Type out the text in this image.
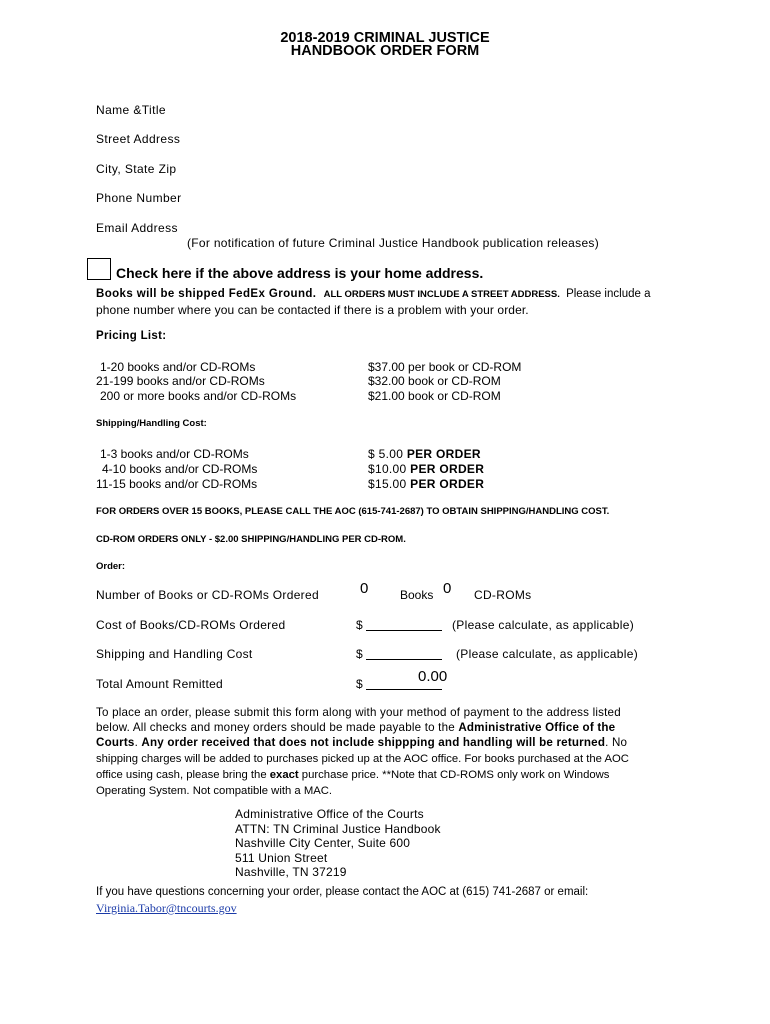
2018-2019 CRIMINAL JUSTICE
HANDBOOK ORDER FORM
Name &Title
Street Address
City, State Zip
Phone Number
Email Address
(For notification of future Criminal Justice Handbook publication releases)
Check here if the above address is your home address.
Books will be shipped FedEx Ground. ALL ORDERS MUST INCLUDE A STREET ADDRESS. Please include a
phone number where you can be contacted if there is a problem with your order.
Pricing List:
1-20 books and/or CD-ROMs	$37.00 per book or CD-ROM
21-199 books and/or CD-ROMs	$32.00 book or CD-ROM
200 or more books and/or CD-ROMs	$21.00 book or CD-ROM
Shipping/Handling Cost:
1-3 books and/or CD-ROMs	$ 5.00 PER ORDER
4-10 books and/or CD-ROMs	$10.00 PER ORDER
11-15 books and/or CD-ROMs	$15.00 PER ORDER
FOR ORDERS OVER 15 BOOKS, PLEASE CALL THE AOC (615-741-2687) TO OBTAIN SHIPPING/HANDLING COST.
CD-ROM ORDERS ONLY - $2.00 SHIPPING/HANDLING PER CD-ROM.
Order:
Number of Books or CD-ROMs Ordered	0	Books 0 CD-ROMs
Cost of Books/CD-ROMs Ordered	$	(Please calculate, as applicable)
Shipping and Handling Cost	$	(Please calculate, as applicable)
Total Amount Remitted	$	0.00
To place an order, please submit this form along with your method of payment to the address listed
below. All checks and money orders should be made payable to the Administrative Office of the
Courts. Any order received that does not include shippping and handling will be returned. No
shipping charges will be added to purchases picked up at the AOC office. For books purchased at the AOC
office using cash, please bring the exact purchase price. **Note that CD-ROMS only work on Windows
Operating System. Not compatible with a MAC.
Administrative Office of the Courts
ATTN: TN Criminal Justice Handbook
Nashville City Center, Suite 600
511 Union Street
Nashville, TN 37219
If you have questions concerning your order, please contact the AOC at (615) 741-2687 or email:
Virginia.Tabor@tncourts.gov
